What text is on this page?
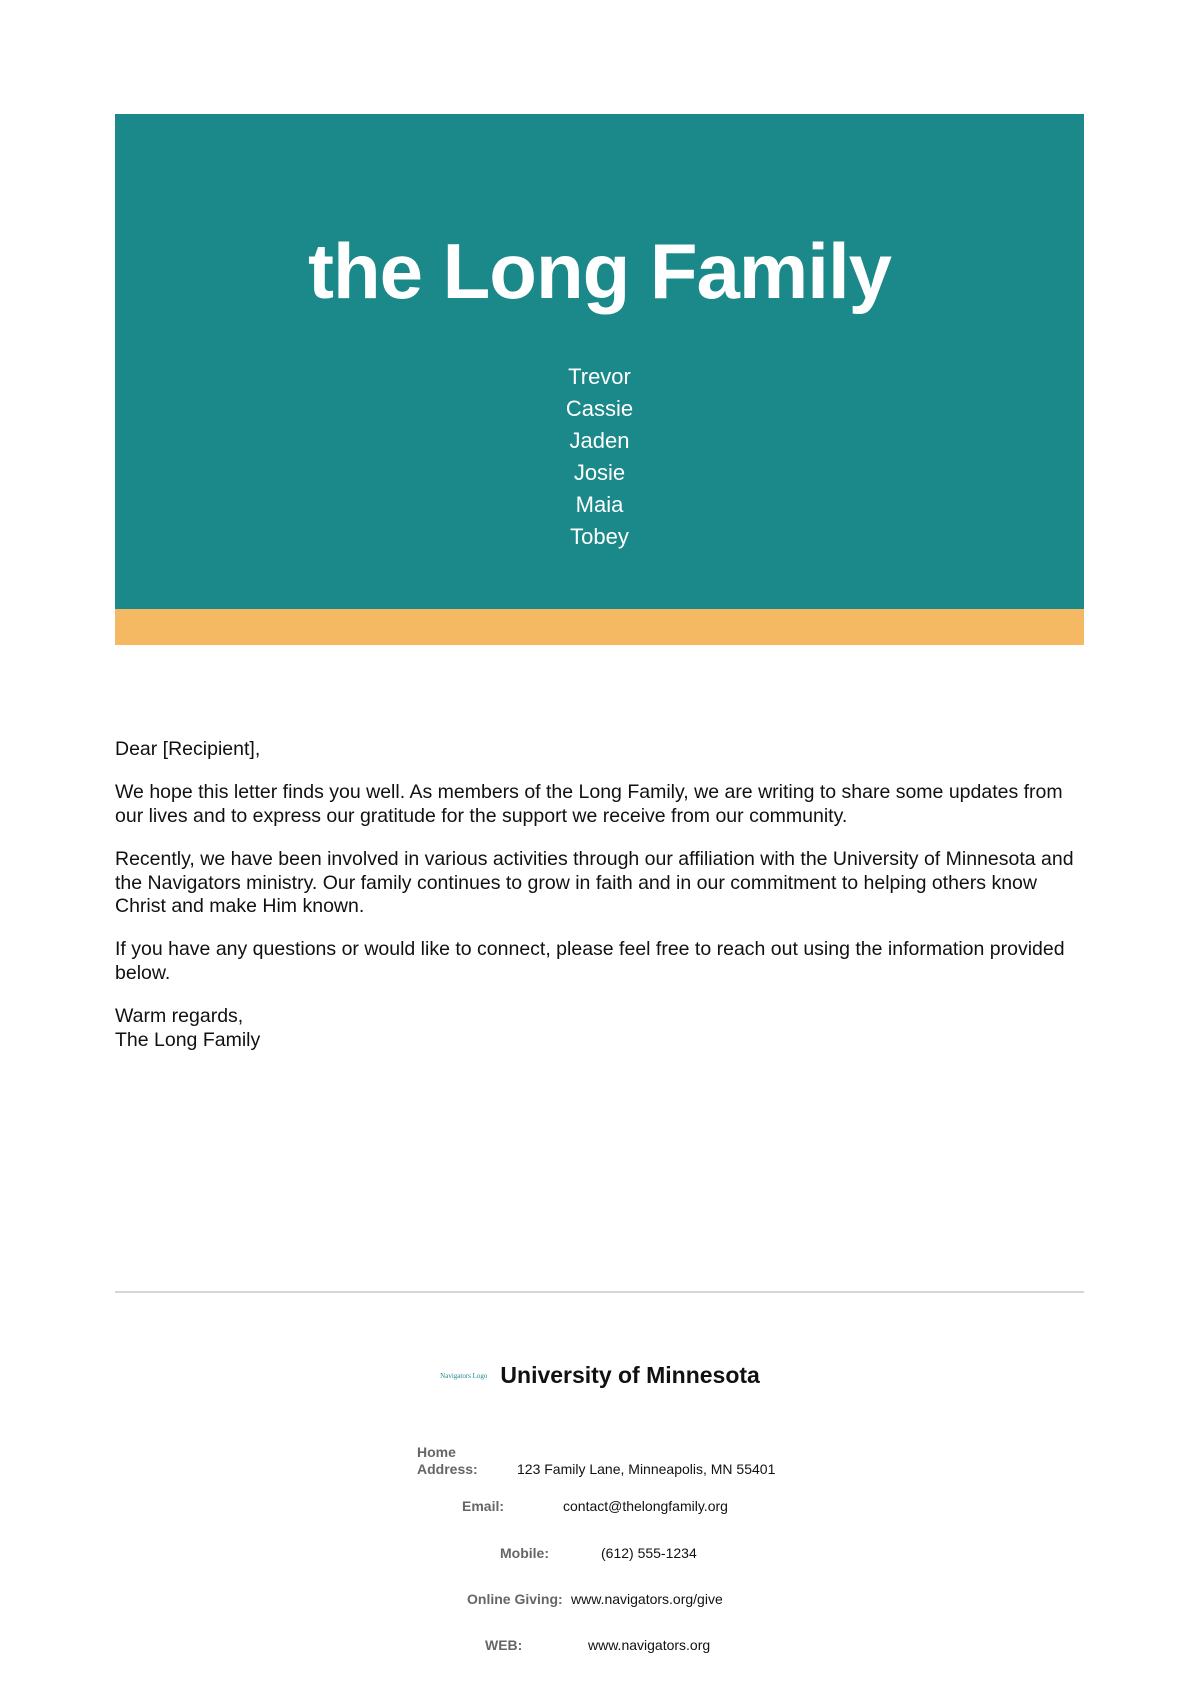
the Long Family
Trevor
Cassie
Jaden
Josie
Maia
Tobey

Dear [Recipient],

We hope this letter finds you well. As members of the Long Family, we are writing to share some updates from our lives and to express our gratitude for the support we receive from our community.

Recently, we have been involved in various activities through our affiliation with the University of Minnesota and the Navigators ministry. Our family continues to grow in faith and in our commitment to helping others know Christ and make Him known.

If you have any questions or would like to connect, please feel free to reach out using the information provided below.

Warm regards,
The Long Family

Navigators Logo University of Minnesota
Home
Address:	123 Family Lane, Minneapolis, MN 55401
Email:	contact@thelongfamily.org
Mobile:	(612) 555-1234
Online Giving: www.navigators.org/give
WEB:	www.navigators.org
